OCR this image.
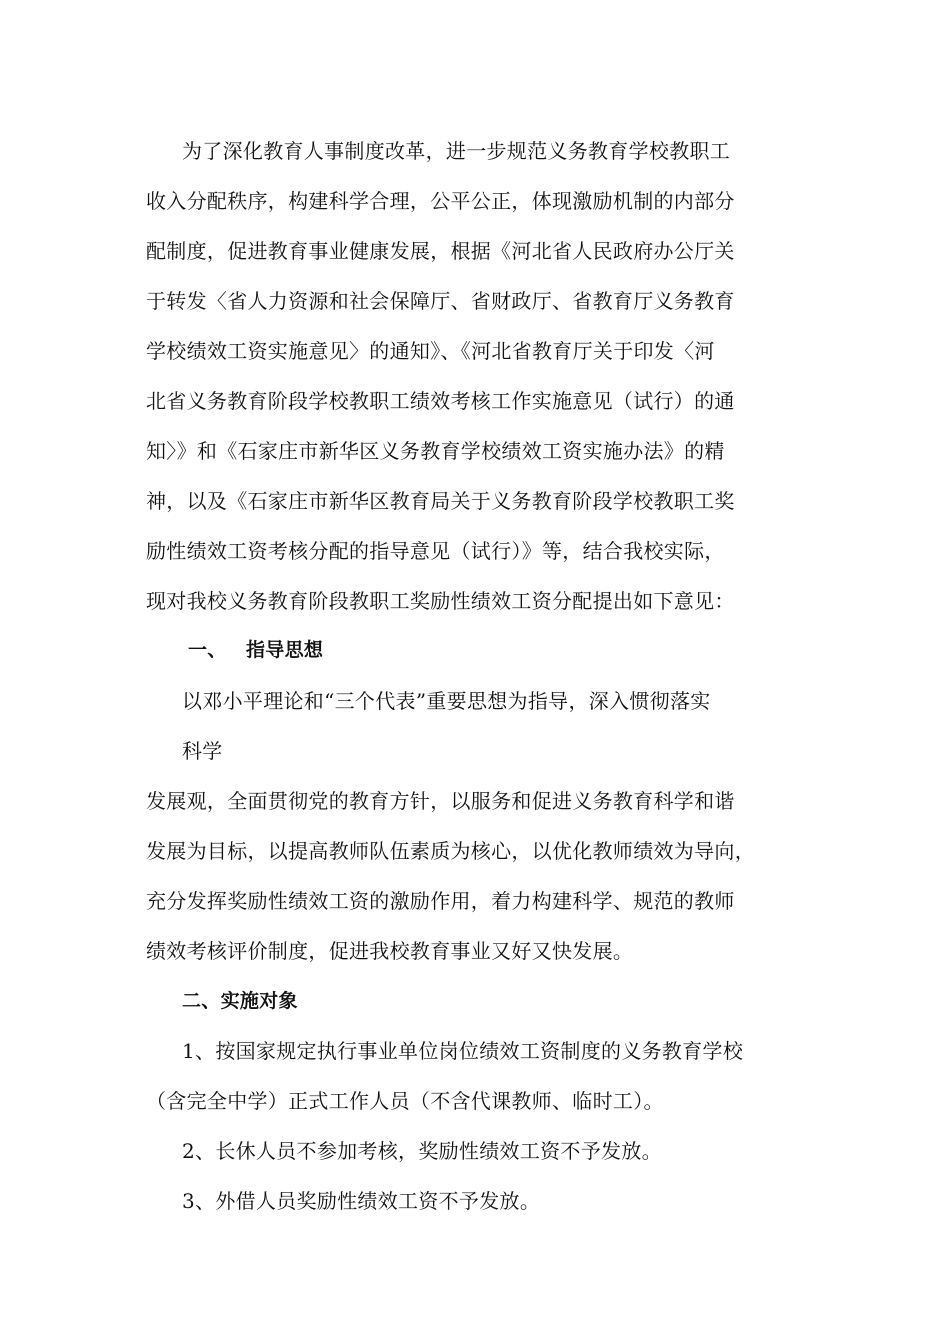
为了深化教育人事制度改革，进一步规范义务教育学校教职工

收入分配秩序，构建科学合理，公平公正，体现激励机制的内部分

配制度，促进教育事业健康发展，根据《河北省人民政府办公厅关

于转发〈省人力资源和社会保障厅、省财政厅、省教育厅义务教育

学校绩效工资实施意见〉的通知》、《河北省教育厅关于印发〈河

北省义务教育阶段学校教职工绩效考核工作实施意见（试行）的通

知〉》和《石家庄市新华区义务教育学校绩效工资实施办法》的精

神，以及《石家庄市新华区教育局关于义务教育阶段学校教职工奖

励性绩效工资考核分配的指导意见（试行）》等，结合我校实际，

现对我校义务教育阶段教职工奖励性绩效工资分配提出如下意见：

一、 指导思想

以邓小平理论和“三个代表”重要思想为指导，深入惯彻落实

科学

发展观，全面贯彻党的教育方针，以服务和促进义务教育科学和谐

发展为目标，以提高教师队伍素质为核心，以优化教师绩效为导向，

充分发挥奖励性绩效工资的激励作用，着力构建科学、规范的教师

绩效考核评价制度，促进我校教育事业又好又快发展。

二、实施对象

1、按国家规定执行事业单位岗位绩效工资制度的义务教育学校

（含完全中学）正式工作人员（不含代课教师、临时工）。

2、长休人员不参加考核，奖励性绩效工资不予发放。

3、外借人员奖励性绩效工资不予发放。
